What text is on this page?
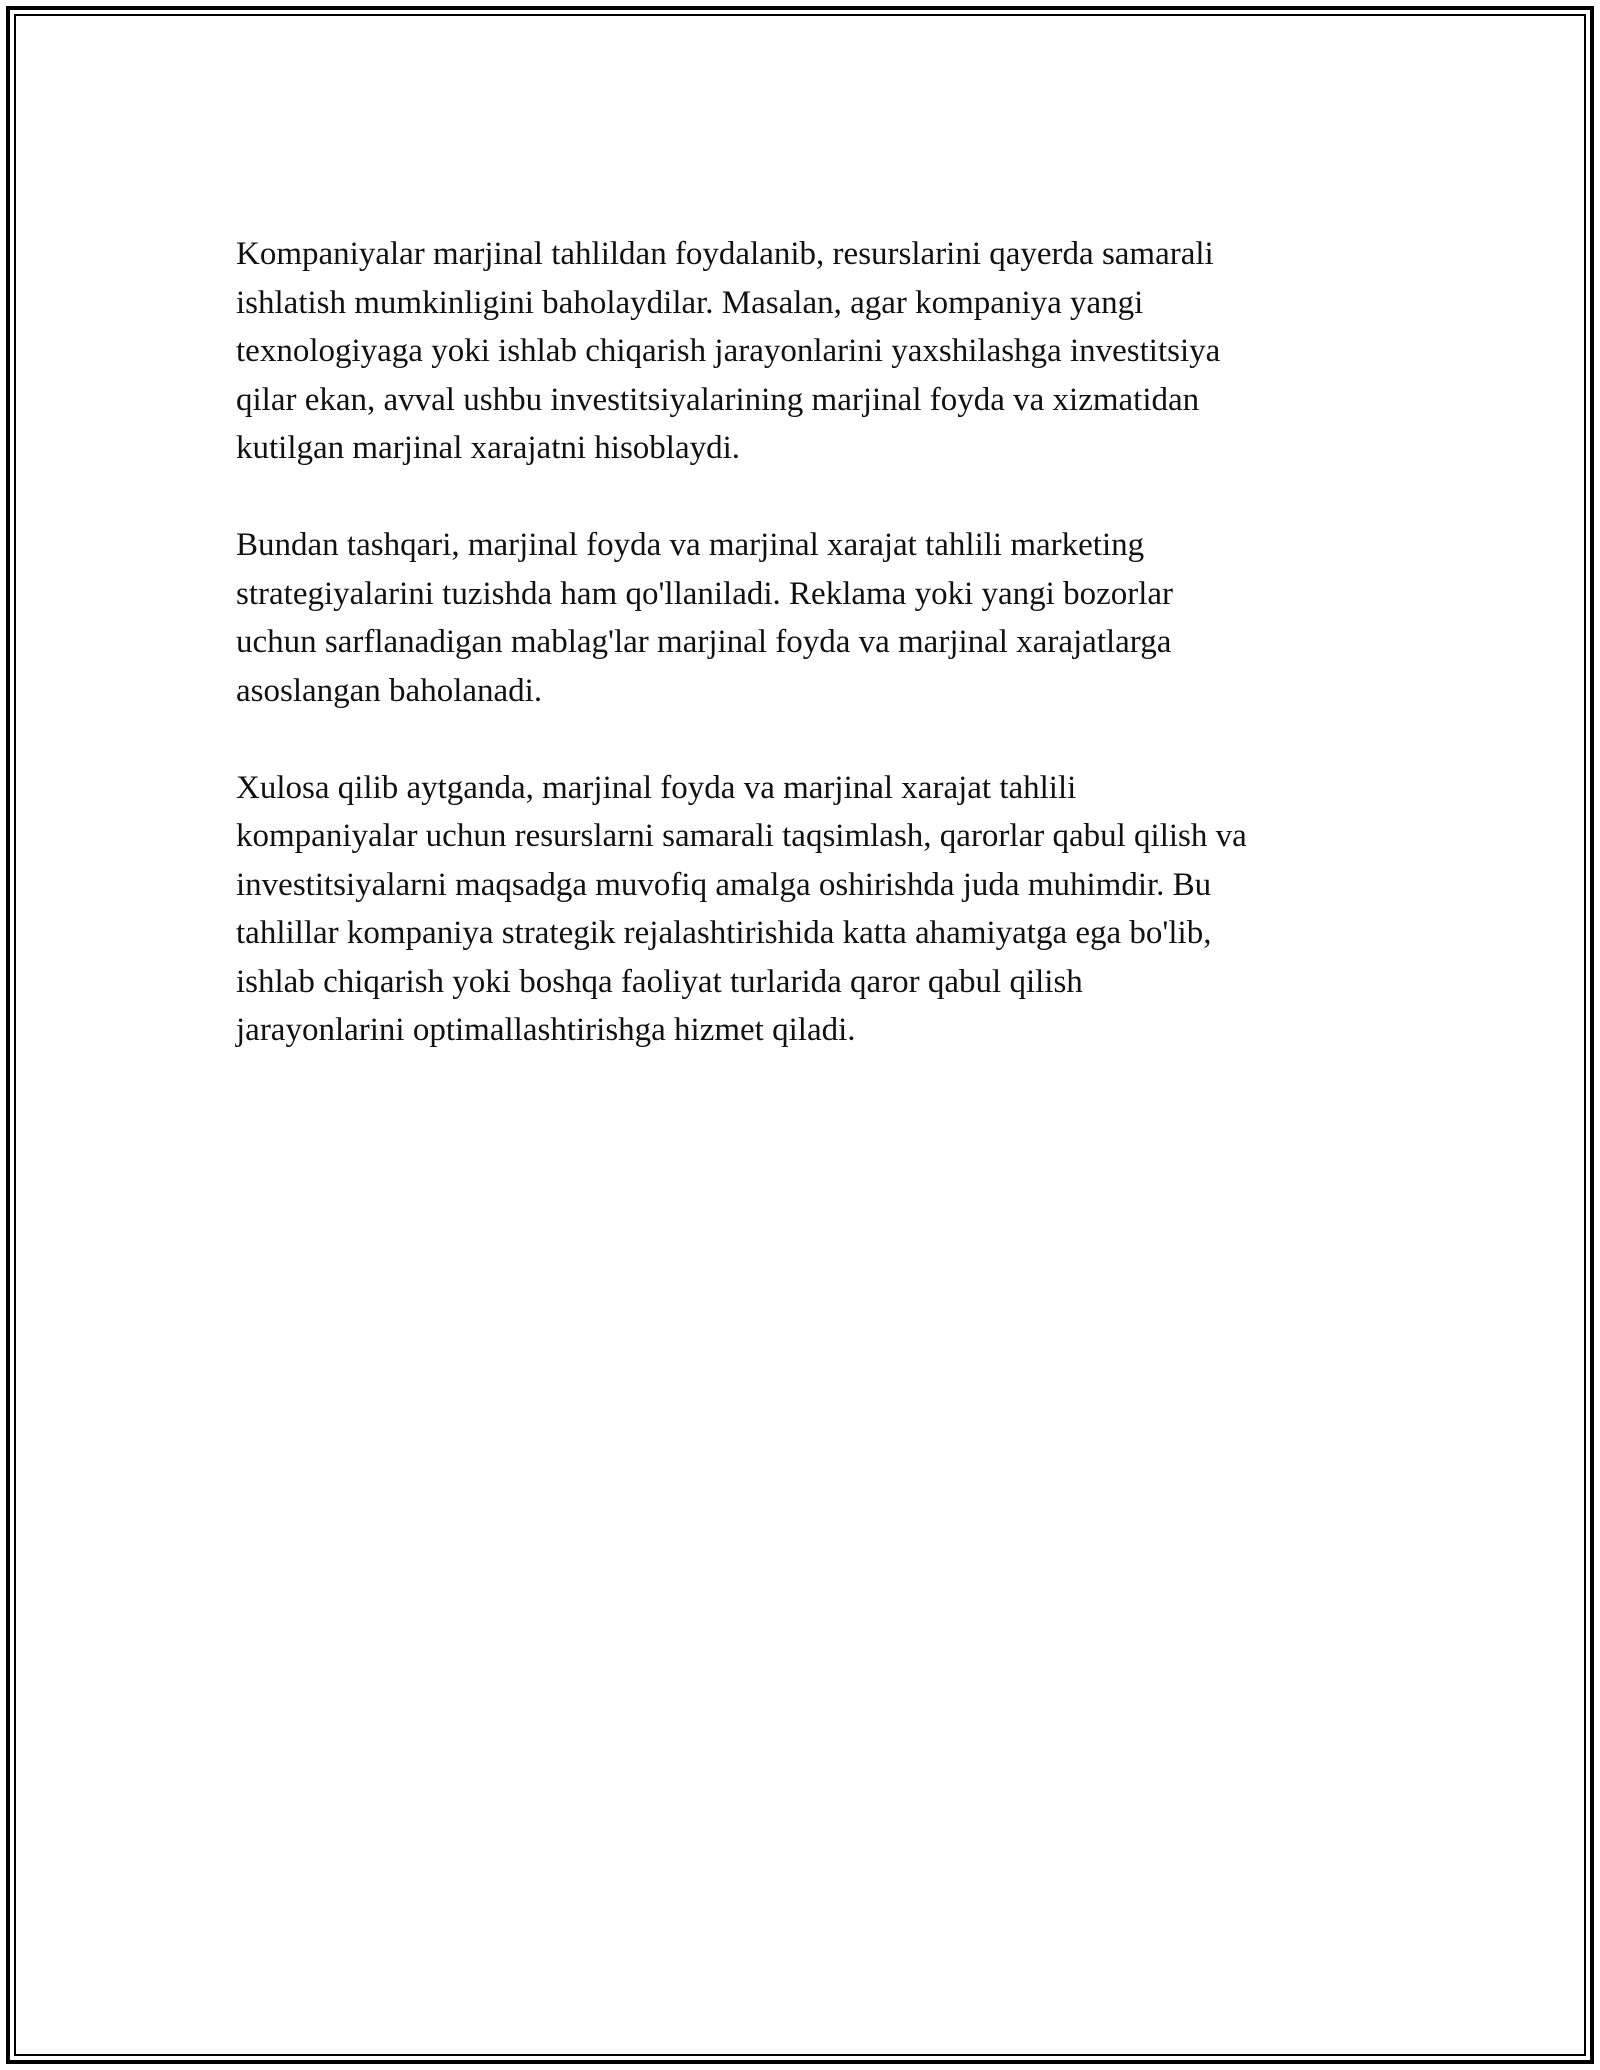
Kompaniyalar marjinal tahlildan foydalanib, resurslarini qayerda samarali
ishlatish mumkinligini baholaydilar. Masalan, agar kompaniya yangi
texnologiyaga yoki ishlab chiqarish jarayonlarini yaxshilashga investitsiya
qilar ekan, avval ushbu investitsiyalarining marjinal foyda va xizmatidan
kutilgan marjinal xarajatni hisoblaydi.

Bundan tashqari, marjinal foyda va marjinal xarajat tahlili marketing
strategiyalarini tuzishda ham qo'llaniladi. Reklama yoki yangi bozorlar
uchun sarflanadigan mablag'lar marjinal foyda va marjinal xarajatlarga
asoslangan baholanadi.

Xulosa qilib aytganda, marjinal foyda va marjinal xarajat tahlili
kompaniyalar uchun resurslarni samarali taqsimlash, qarorlar qabul qilish va
investitsiyalarni maqsadga muvofiq amalga oshirishda juda muhimdir. Bu
tahlillar kompaniya strategik rejalashtirishida katta ahamiyatga ega bo'lib,
ishlab chiqarish yoki boshqa faoliyat turlarida qaror qabul qilish
jarayonlarini optimallashtirishga hizmet qiladi.
